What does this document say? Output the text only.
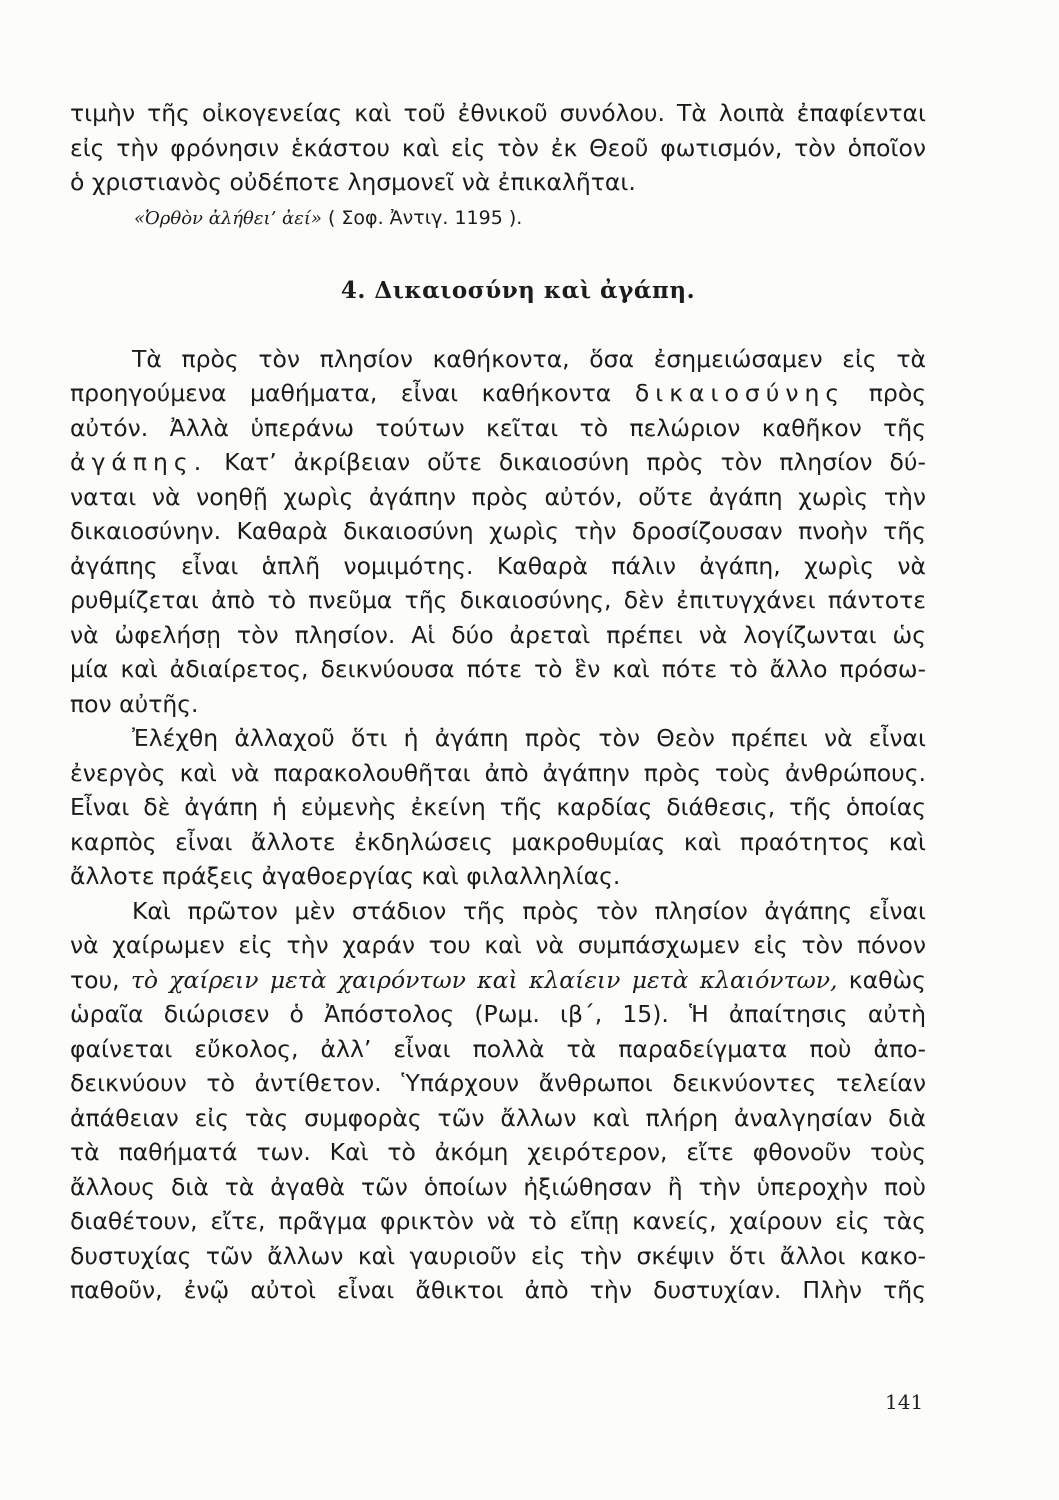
τιμὴν τῆς οἰκογενείας καὶ τοῦ ἐθνικοῦ συνόλου. Τὰ λοιπὰ ἐπαφίενται
εἰς τὴν φρόνησιν ἑκάστου καὶ εἰς τὸν ἐκ Θεοῦ φωτισμόν, τὸν ὁποῖον
ὁ χριστιανὸς οὐδέποτε λησμονεῖ νὰ ἐπικαλῆται.
«Ὀρθὸν ἀλήθει’ ἀεί» ( Σοφ. Ἀντιγ. 1195 ).
4. Δικαιοσύνη καὶ ἀγάπη.
Τὰ πρὸς τὸν πλησίον καθήκοντα, ὅσα ἐσημειώσαμεν εἰς τὰ
προηγούμενα μαθήματα, εἶναι καθήκοντα δικαιοσύνης πρὸς
αὐτόν. Ἀλλὰ ὑπεράνω τούτων κεῖται τὸ πελώριον καθῆκον τῆς
ἀγάπης. Κατ’ ἀκρίβειαν οὔτε δικαιοσύνη πρὸς τὸν πλησίον δύ-
ναται νὰ νοηθῇ χωρὶς ἀγάπην πρὸς αὐτόν, οὔτε ἀγάπη χωρὶς τὴν
δικαιοσύνην. Καθαρὰ δικαιοσύνη χωρὶς τὴν δροσίζουσαν πνοὴν τῆς
ἀγάπης εἶναι ἁπλῆ νομιμότης. Καθαρὰ πάλιν ἀγάπη, χωρὶς νὰ
ρυθμίζεται ἀπὸ τὸ πνεῦμα τῆς δικαιοσύνης, δὲν ἐπιτυγχάνει πάντοτε
νὰ ὠφελήσῃ τὸν πλησίον. Αἱ δύο ἀρεταὶ πρέπει νὰ λογίζωνται ὡς
μία καὶ ἀδιαίρετος, δεικνύουσα πότε τὸ ἓν καὶ πότε τὸ ἄλλο πρόσω-
πον αὐτῆς.
Ἐλέχθη ἀλλαχοῦ ὅτι ἡ ἀγάπη πρὸς τὸν Θεὸν πρέπει νὰ εἶναι
ἐνεργὸς καὶ νὰ παρακολουθῆται ἀπὸ ἀγάπην πρὸς τοὺς ἀνθρώπους.
Εἶναι δὲ ἀγάπη ἡ εὐμενὴς ἐκείνη τῆς καρδίας διάθεσις, τῆς ὁποίας
καρπὸς εἶναι ἄλλοτε ἐκδηλώσεις μακροθυμίας καὶ πραότητος καὶ
ἄλλοτε πράξεις ἀγαθοεργίας καὶ φιλαλληλίας.
Καὶ πρῶτον μὲν στάδιον τῆς πρὸς τὸν πλησίον ἀγάπης εἶναι
νὰ χαίρωμεν εἰς τὴν χαράν του καὶ νὰ συμπάσχωμεν εἰς τὸν πόνον
του, τὸ χαίρειν μετὰ χαιρόντων καὶ κλαίειν μετὰ κλαιόντων, καθὼς
ὡραῖα διώρισεν ὁ Ἀπόστολος (Ρωμ. ιβ΄, 15). Ἡ ἀπαίτησις αὐτὴ
φαίνεται εὔκολος, ἀλλ’ εἶναι πολλὰ τὰ παραδείγματα ποὺ ἀπο-
δεικνύουν τὸ ἀντίθετον. Ὑπάρχουν ἄνθρωποι δεικνύοντες τελείαν
ἀπάθειαν εἰς τὰς συμφορὰς τῶν ἄλλων καὶ πλήρη ἀναλγησίαν διὰ
τὰ παθήματά των. Καὶ τὸ ἀκόμη χειρότερον, εἴτε φθονοῦν τοὺς
ἄλλους διὰ τὰ ἀγαθὰ τῶν ὁποίων ἠξιώθησαν ἢ τὴν ὑπεροχὴν ποὺ
διαθέτουν, εἴτε, πρᾶγμα φρικτὸν νὰ τὸ εἴπῃ κανείς, χαίρουν εἰς τὰς
δυστυχίας τῶν ἄλλων καὶ γαυριοῦν εἰς τὴν σκέψιν ὅτι ἄλλοι κακο-
παθοῦν, ἐνῷ αὐτοὶ εἶναι ἄθικτοι ἀπὸ τὴν δυστυχίαν. Πλὴν τῆς
141
